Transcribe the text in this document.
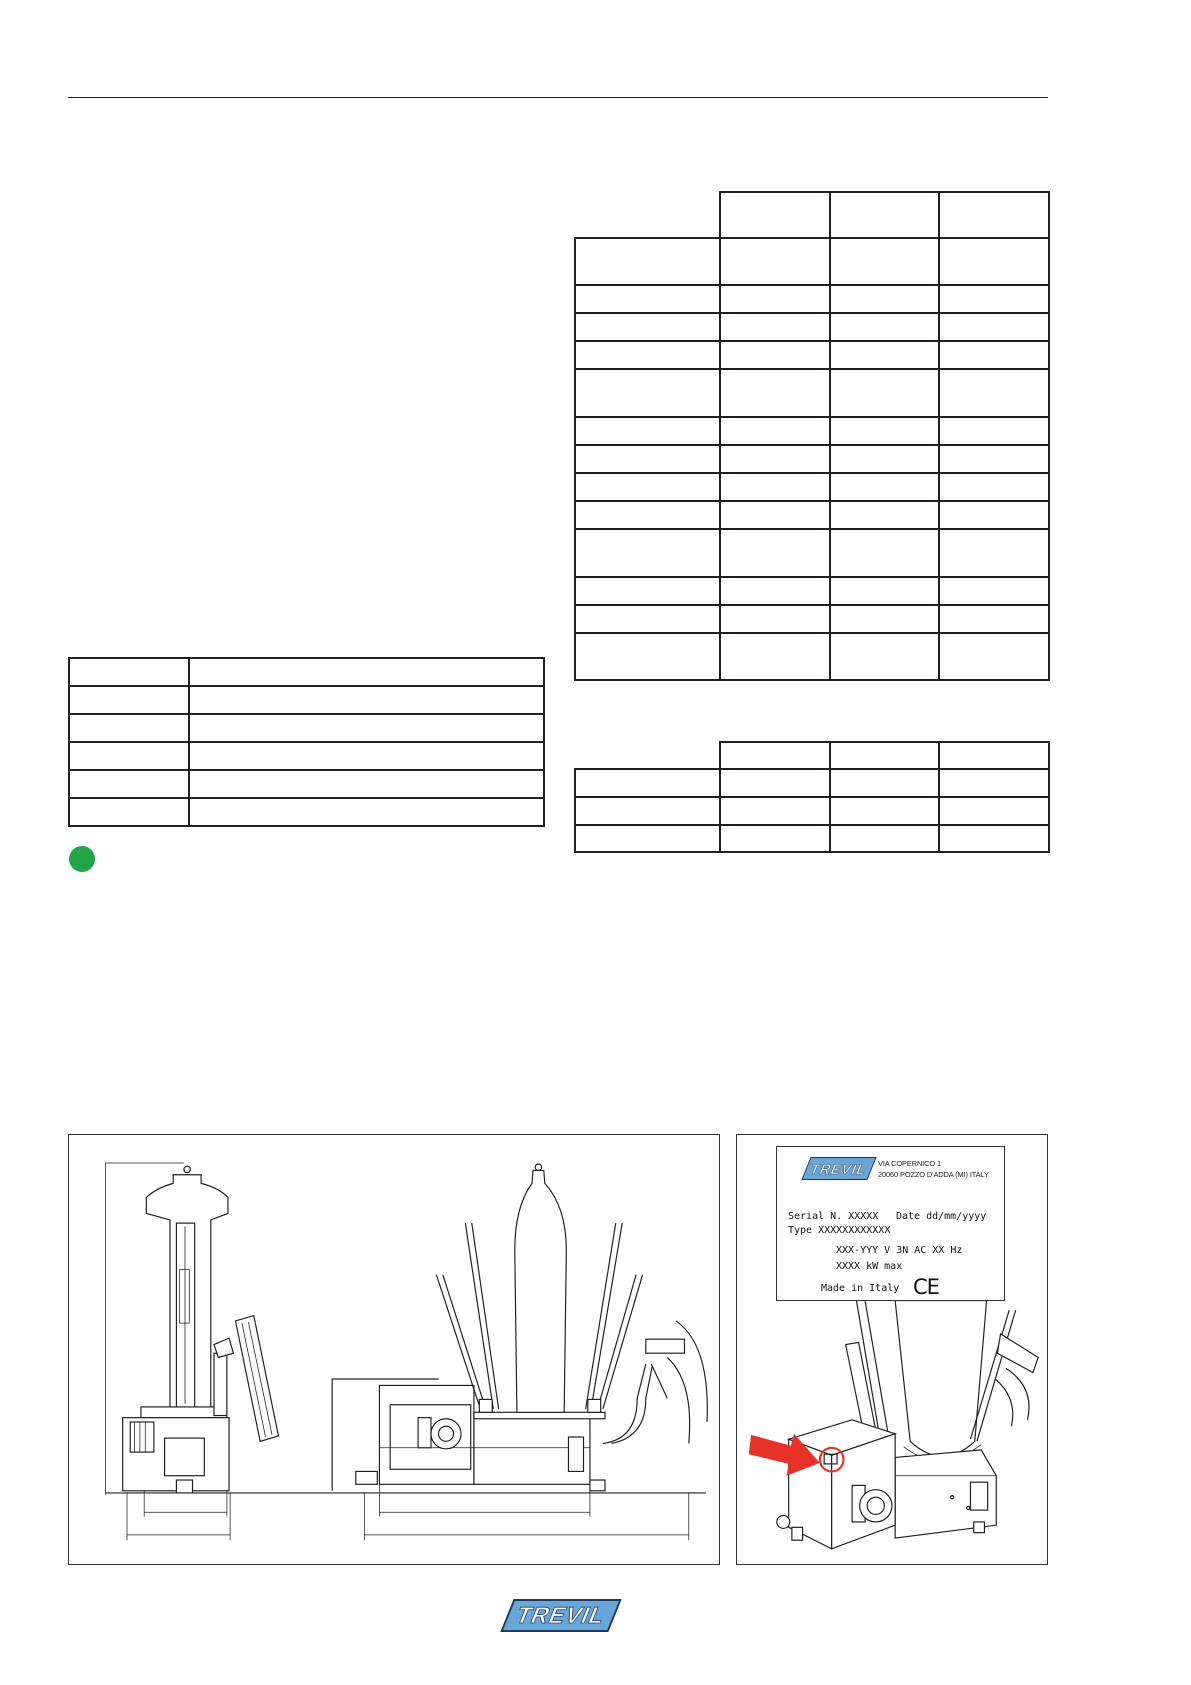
TREVIL VIA COPERNICO 1
20060 POZZO D'ADDA (MI) ITALY
Serial N. XXXXX Date dd/mm/yyyy
Type XXXXXXXXXXXX
XXX-YYY V 3N AC XX Hz
XXXX kW max
Made in Italy CE
TREVIL
